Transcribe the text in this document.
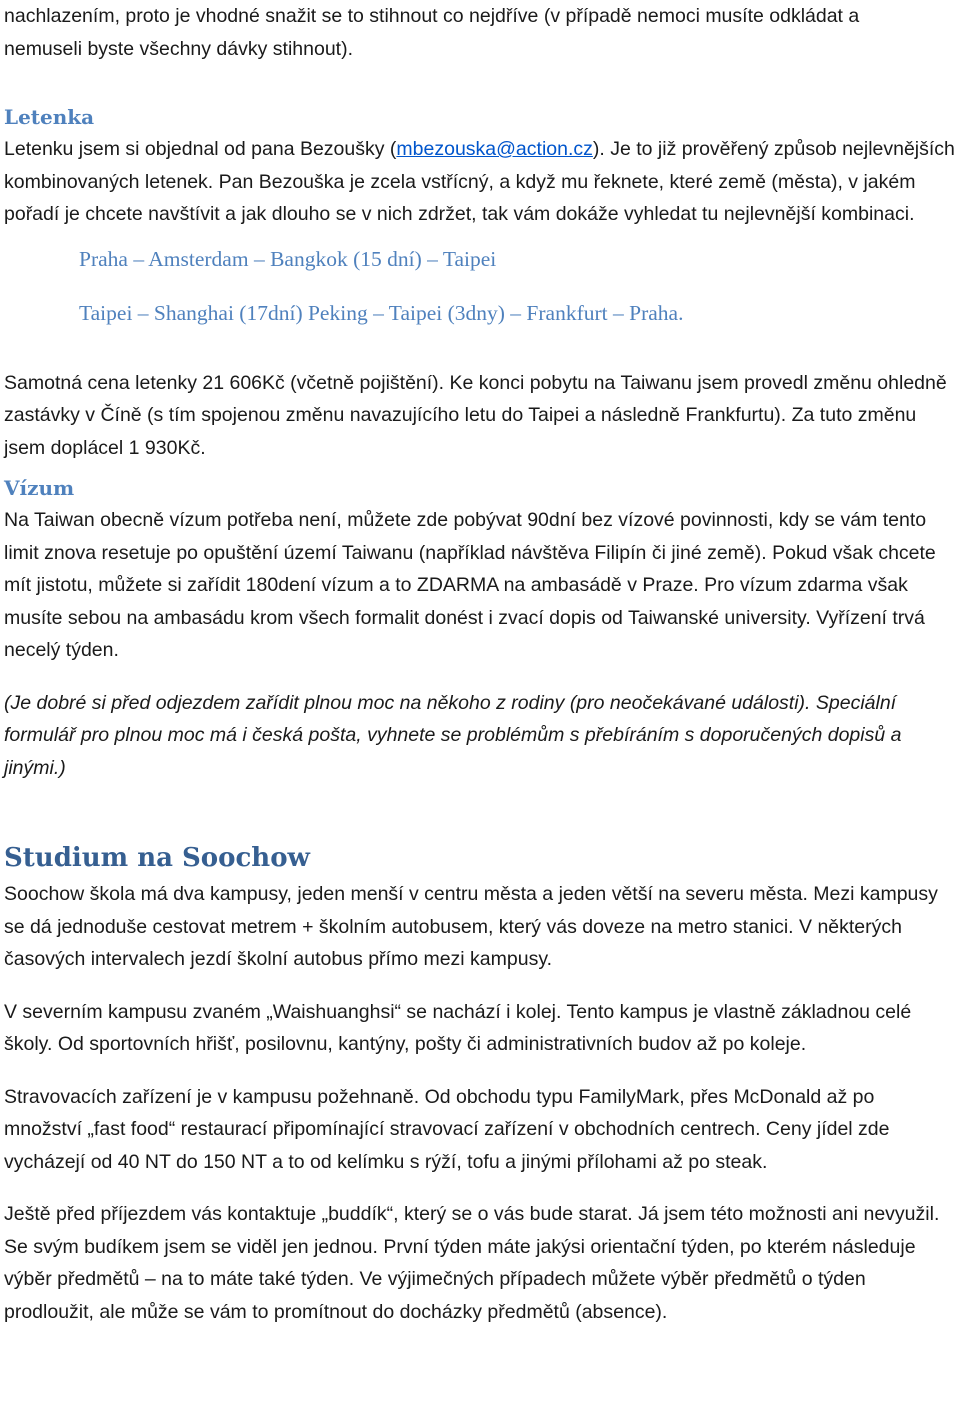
nachlazením, proto je vhodné snažit se to stihnout co nejdříve (v případě nemoci musíte odkládat a

nemuseli byste všechny dávky stihnout).

Letenka

Letenku jsem si objednal od pana Bezoušky (mbezouska@action.cz). Je to již prověřený způsob nejlevnějších kombinovaných letenek. Pan Bezouška je zcela vstřícný, a když mu řeknete, které země (města), v jakém pořadí je chcete navštívit a jak dlouho se v nich zdržet, tak vám dokáže vyhledat tu nejlevnější kombinaci.

Praha – Amsterdam – Bangkok (15 dní) – Taipei

Taipei – Shanghai (17dní) Peking – Taipei (3dny) – Frankfurt – Praha.

Samotná cena letenky 21 606Kč (včetně pojištění). Ke konci pobytu na Taiwanu jsem provedl změnu ohledně zastávky v Číně (s tím spojenou změnu navazujícího letu do Taipei a následně Frankfurtu). Za tuto změnu jsem doplácel 1 930Kč.

Vízum

Na Taiwan obecně vízum potřeba není, můžete zde pobývat 90dní bez vízové povinnosti, kdy se vám tento limit znova resetuje po opuštění území Taiwanu (například návštěva Filipín či jiné země). Pokud však chcete mít jistotu, můžete si zařídit 180dení vízum a to ZDARMA na ambasádě v Praze. Pro vízum zdarma však musíte sebou na ambasádu krom všech formalit donést i zvací dopis od Taiwanské university. Vyřízení trvá necelý týden.

(Je dobré si před odjezdem zařídit plnou moc na někoho z rodiny (pro neočekávané události). Speciální formulář pro plnou moc má i česká pošta, vyhnete se problémům s přebíráním s doporučených dopisů a jinými.)

Studium na Soochow

Soochow škola má dva kampusy, jeden menší v centru města a jeden větší na severu města. Mezi kampusy se dá jednoduše cestovat metrem + školním autobusem, který vás doveze na metro stanici. V některých časových intervalech jezdí školní autobus přímo mezi kampusy.

V severním kampusu zvaném „Waishuanghsi“ se nachází i kolej. Tento kampus je vlastně základnou celé školy. Od sportovních hřišť, posilovnu, kantýny, pošty či administrativních budov až po koleje.

Stravovacích zařízení je v kampusu požehnaně. Od obchodu typu FamilyMark, přes McDonald až po množství „fast food“ restaurací připomínající stravovací zařízení v obchodních centrech. Ceny jídel zde vycházejí od 40 NT do 150 NT a to od kelímku s rýží, tofu a jinými přílohami až po steak.

Ještě před příjezdem vás kontaktuje „buddík“, který se o vás bude starat. Já jsem této možnosti ani nevyužil. Se svým budíkem jsem se viděl jen jednou. První týden máte jakýsi orientační týden, po kterém následuje výběr předmětů – na to máte také týden. Ve výjimečných případech můžete výběr předmětů o týden prodloužit, ale může se vám to promítnout do docházky předmětů (absence).
